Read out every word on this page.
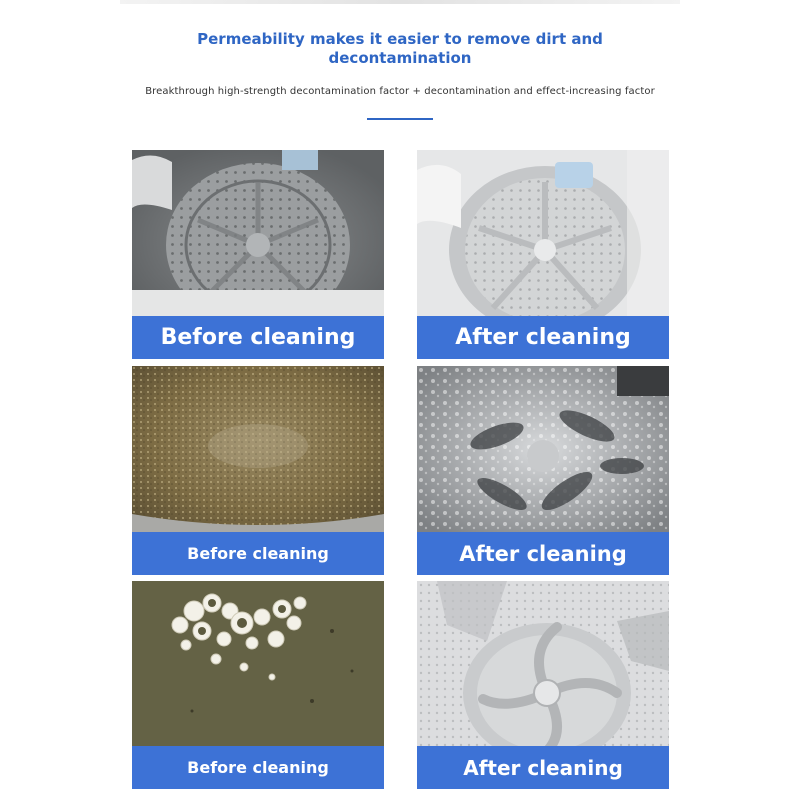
Permeability makes it easier to remove dirt and decontamination
Breakthrough high-strength decontamination factor + decontamination and effect-increasing factor
Before cleaning	After cleaning
Before cleaning	After cleaning
Before cleaning	After cleaning
